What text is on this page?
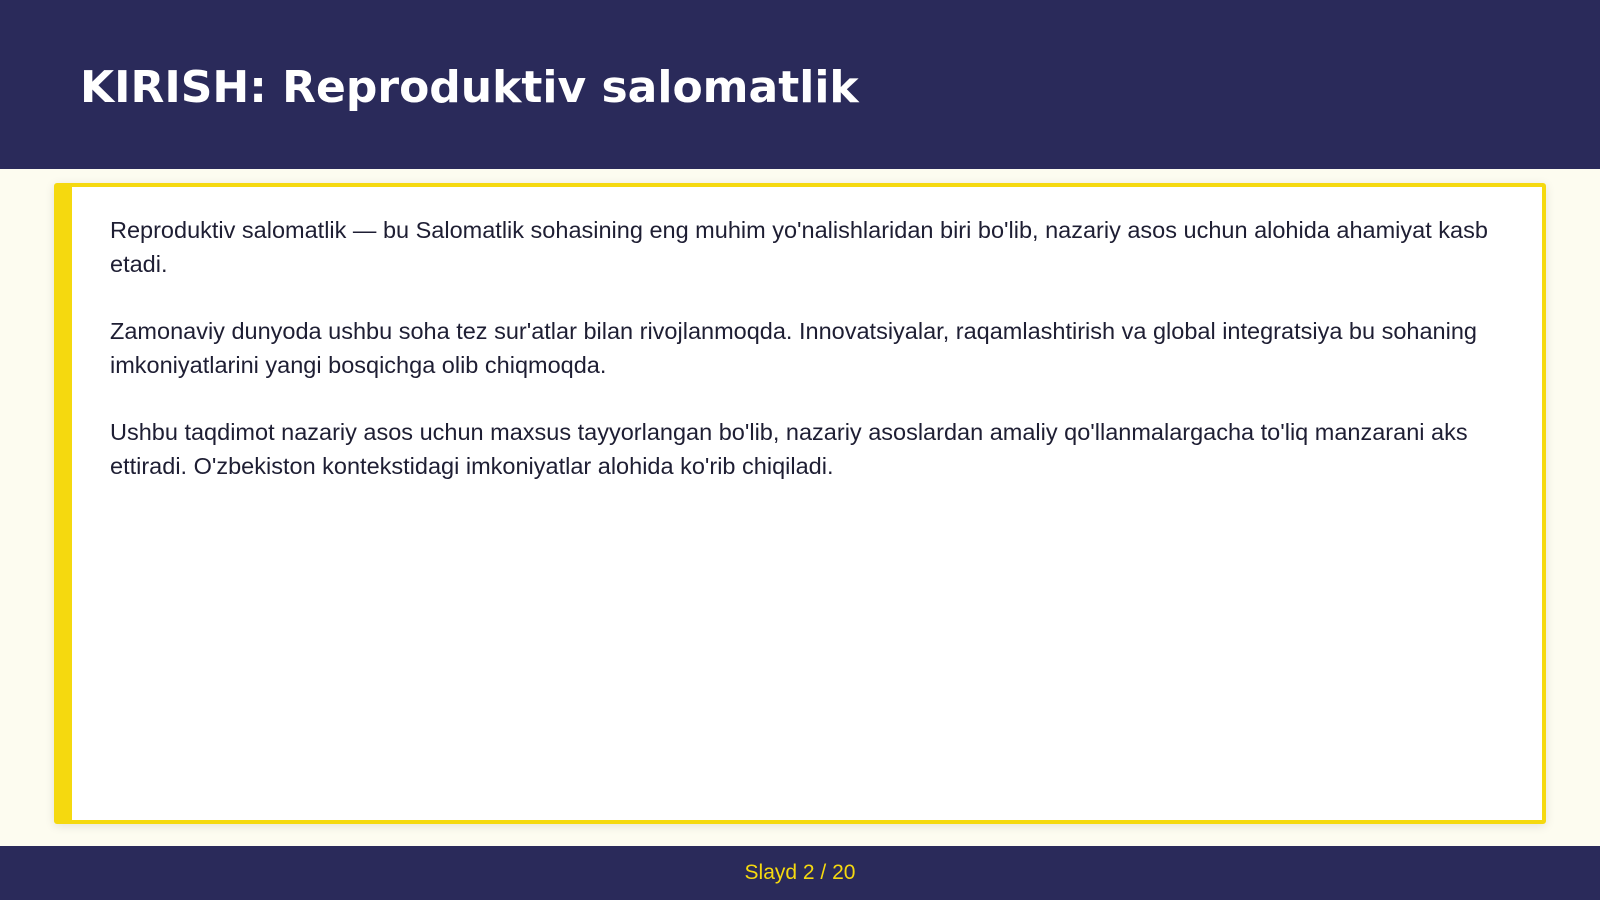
KIRISH: Reproduktiv salomatlik

Reproduktiv salomatlik — bu Salomatlik sohasining eng muhim yo'nalishlaridan biri bo'lib, nazariy asos uchun alohida ahamiyat kasb etadi.

Zamonaviy dunyoda ushbu soha tez sur'atlar bilan rivojlanmoqda. Innovatsiyalar, raqamlashtirish va global integratsiya bu sohaning imkoniyatlarini yangi bosqichga olib chiqmoqda.

Ushbu taqdimot nazariy asos uchun maxsus tayyorlangan bo'lib, nazariy asoslardan amaliy qo'llanmalargacha to'liq manzarani aks ettiradi. O'zbekiston kontekstidagi imkoniyatlar alohida ko'rib chiqiladi.

Slayd 2 / 20
